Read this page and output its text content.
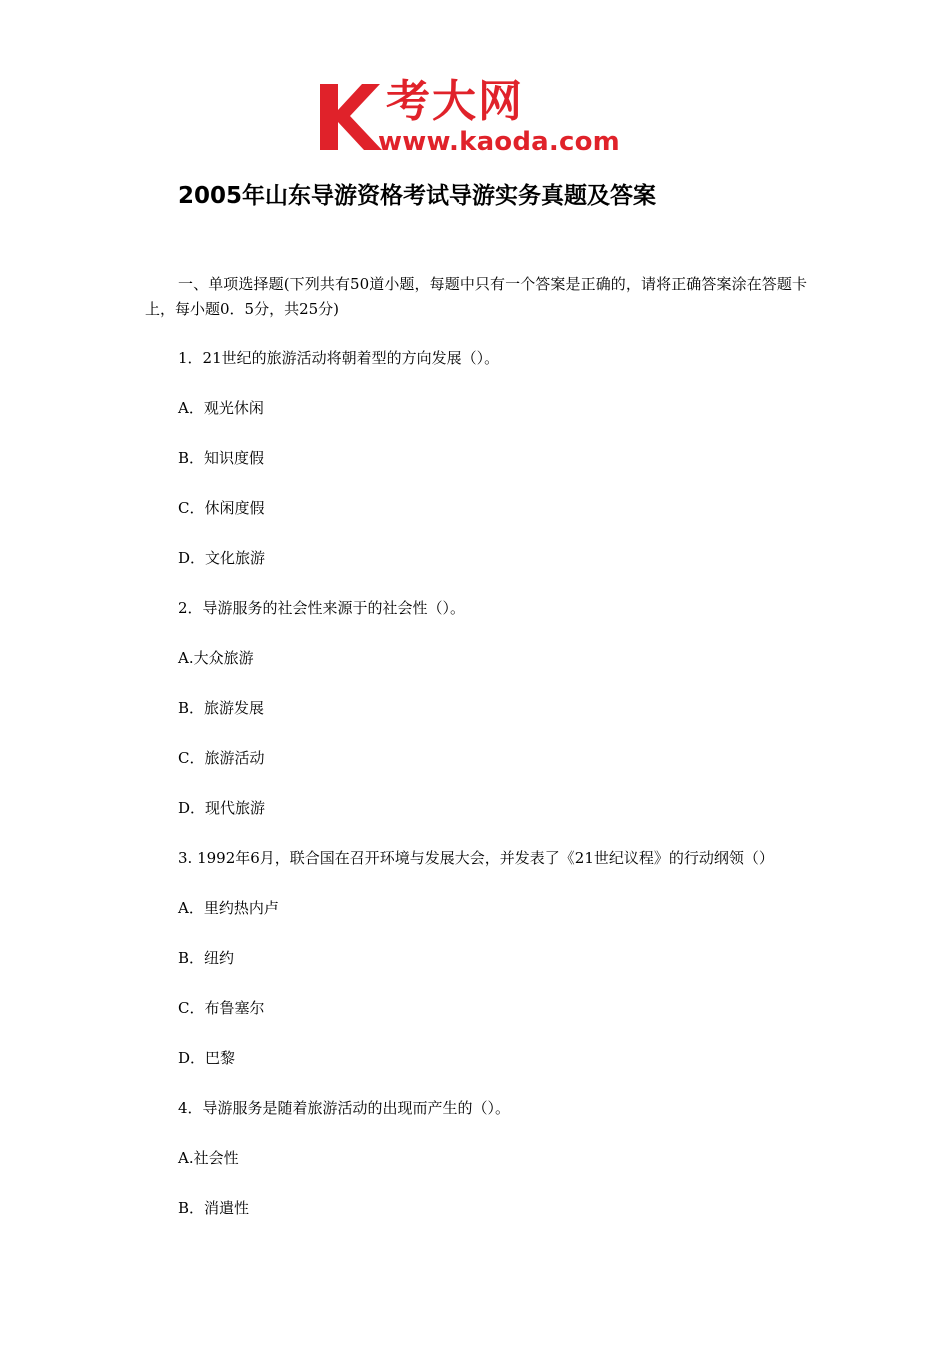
考大网
www.kaoda.com
2005年山东导游资格考试导游实务真题及答案
一、单项选择题(下列共有50道小题，每题中只有一个答案是正确的，请将正确答案涂在答题卡上，每小题0．5分，共25分)
1．21世纪的旅游活动将朝着型的方向发展（）。
A．观光休闲
B．知识度假
C．休闲度假
D．文化旅游
2．导游服务的社会性来源于的社会性（）。
A.大众旅游
B．旅游发展
C．旅游活动
D．现代旅游
3. 1992年6月，联合国在召开环境与发展大会，并发表了《21世纪议程》的行动纲领（）
A．里约热内卢
B．纽约
C．布鲁塞尔
D．巴黎
4．导游服务是随着旅游活动的出现而产生的（）。
A.社会性
B．消遣性
